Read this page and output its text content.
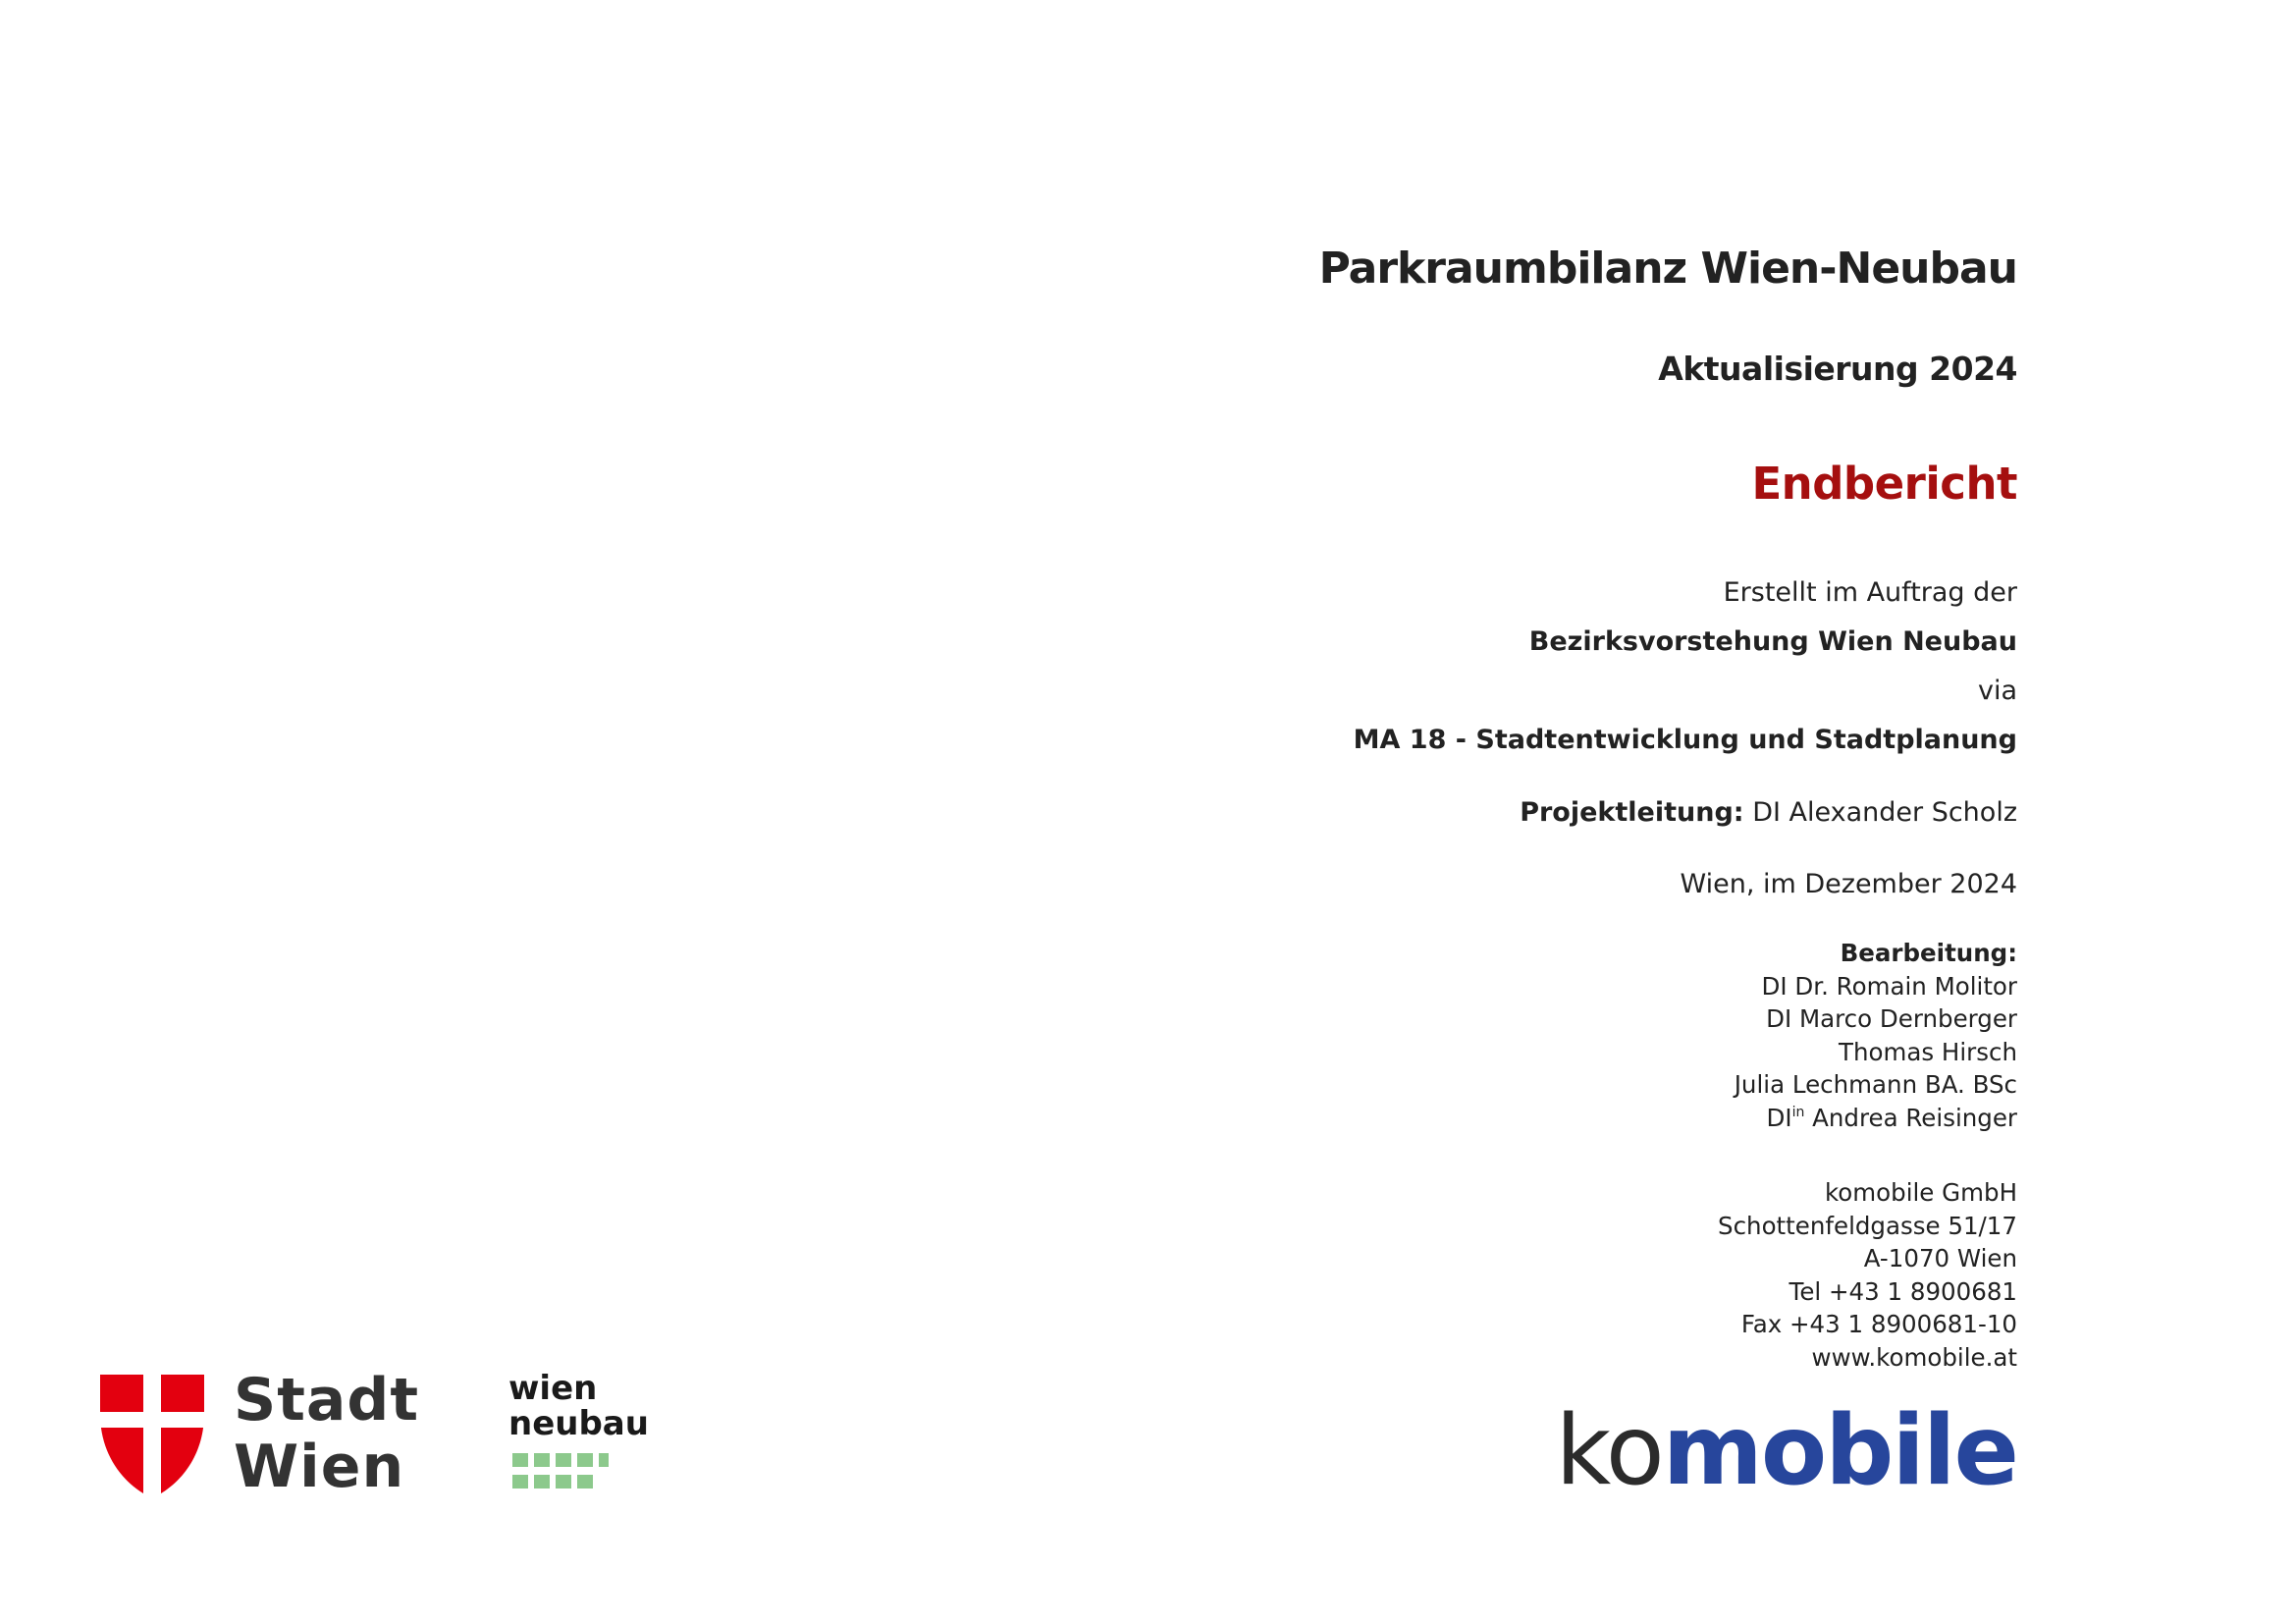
Parkraumbilanz Wien-Neubau
Aktualisierung 2024
Endbericht
Erstellt im Auftrag der
Bezirksvorstehung Wien Neubau
via
MA 18 - Stadtentwicklung und Stadtplanung
Projektleitung: DI Alexander Scholz
Wien, im Dezember 2024
Bearbeitung:
DI Dr. Romain Molitor
DI Marco Dernberger
Thomas Hirsch
Julia Lechmann BA. BSc
$DI^{in}$ Andrea Reisinger
komobile GmbH
Schottenfeldgasse 51/17
A-1070 Wien
Tel +43 1 8900681
Fax +43 1 8900681-10
www.komobile.at
Stadt
Wien
wien
neubau	komobile
